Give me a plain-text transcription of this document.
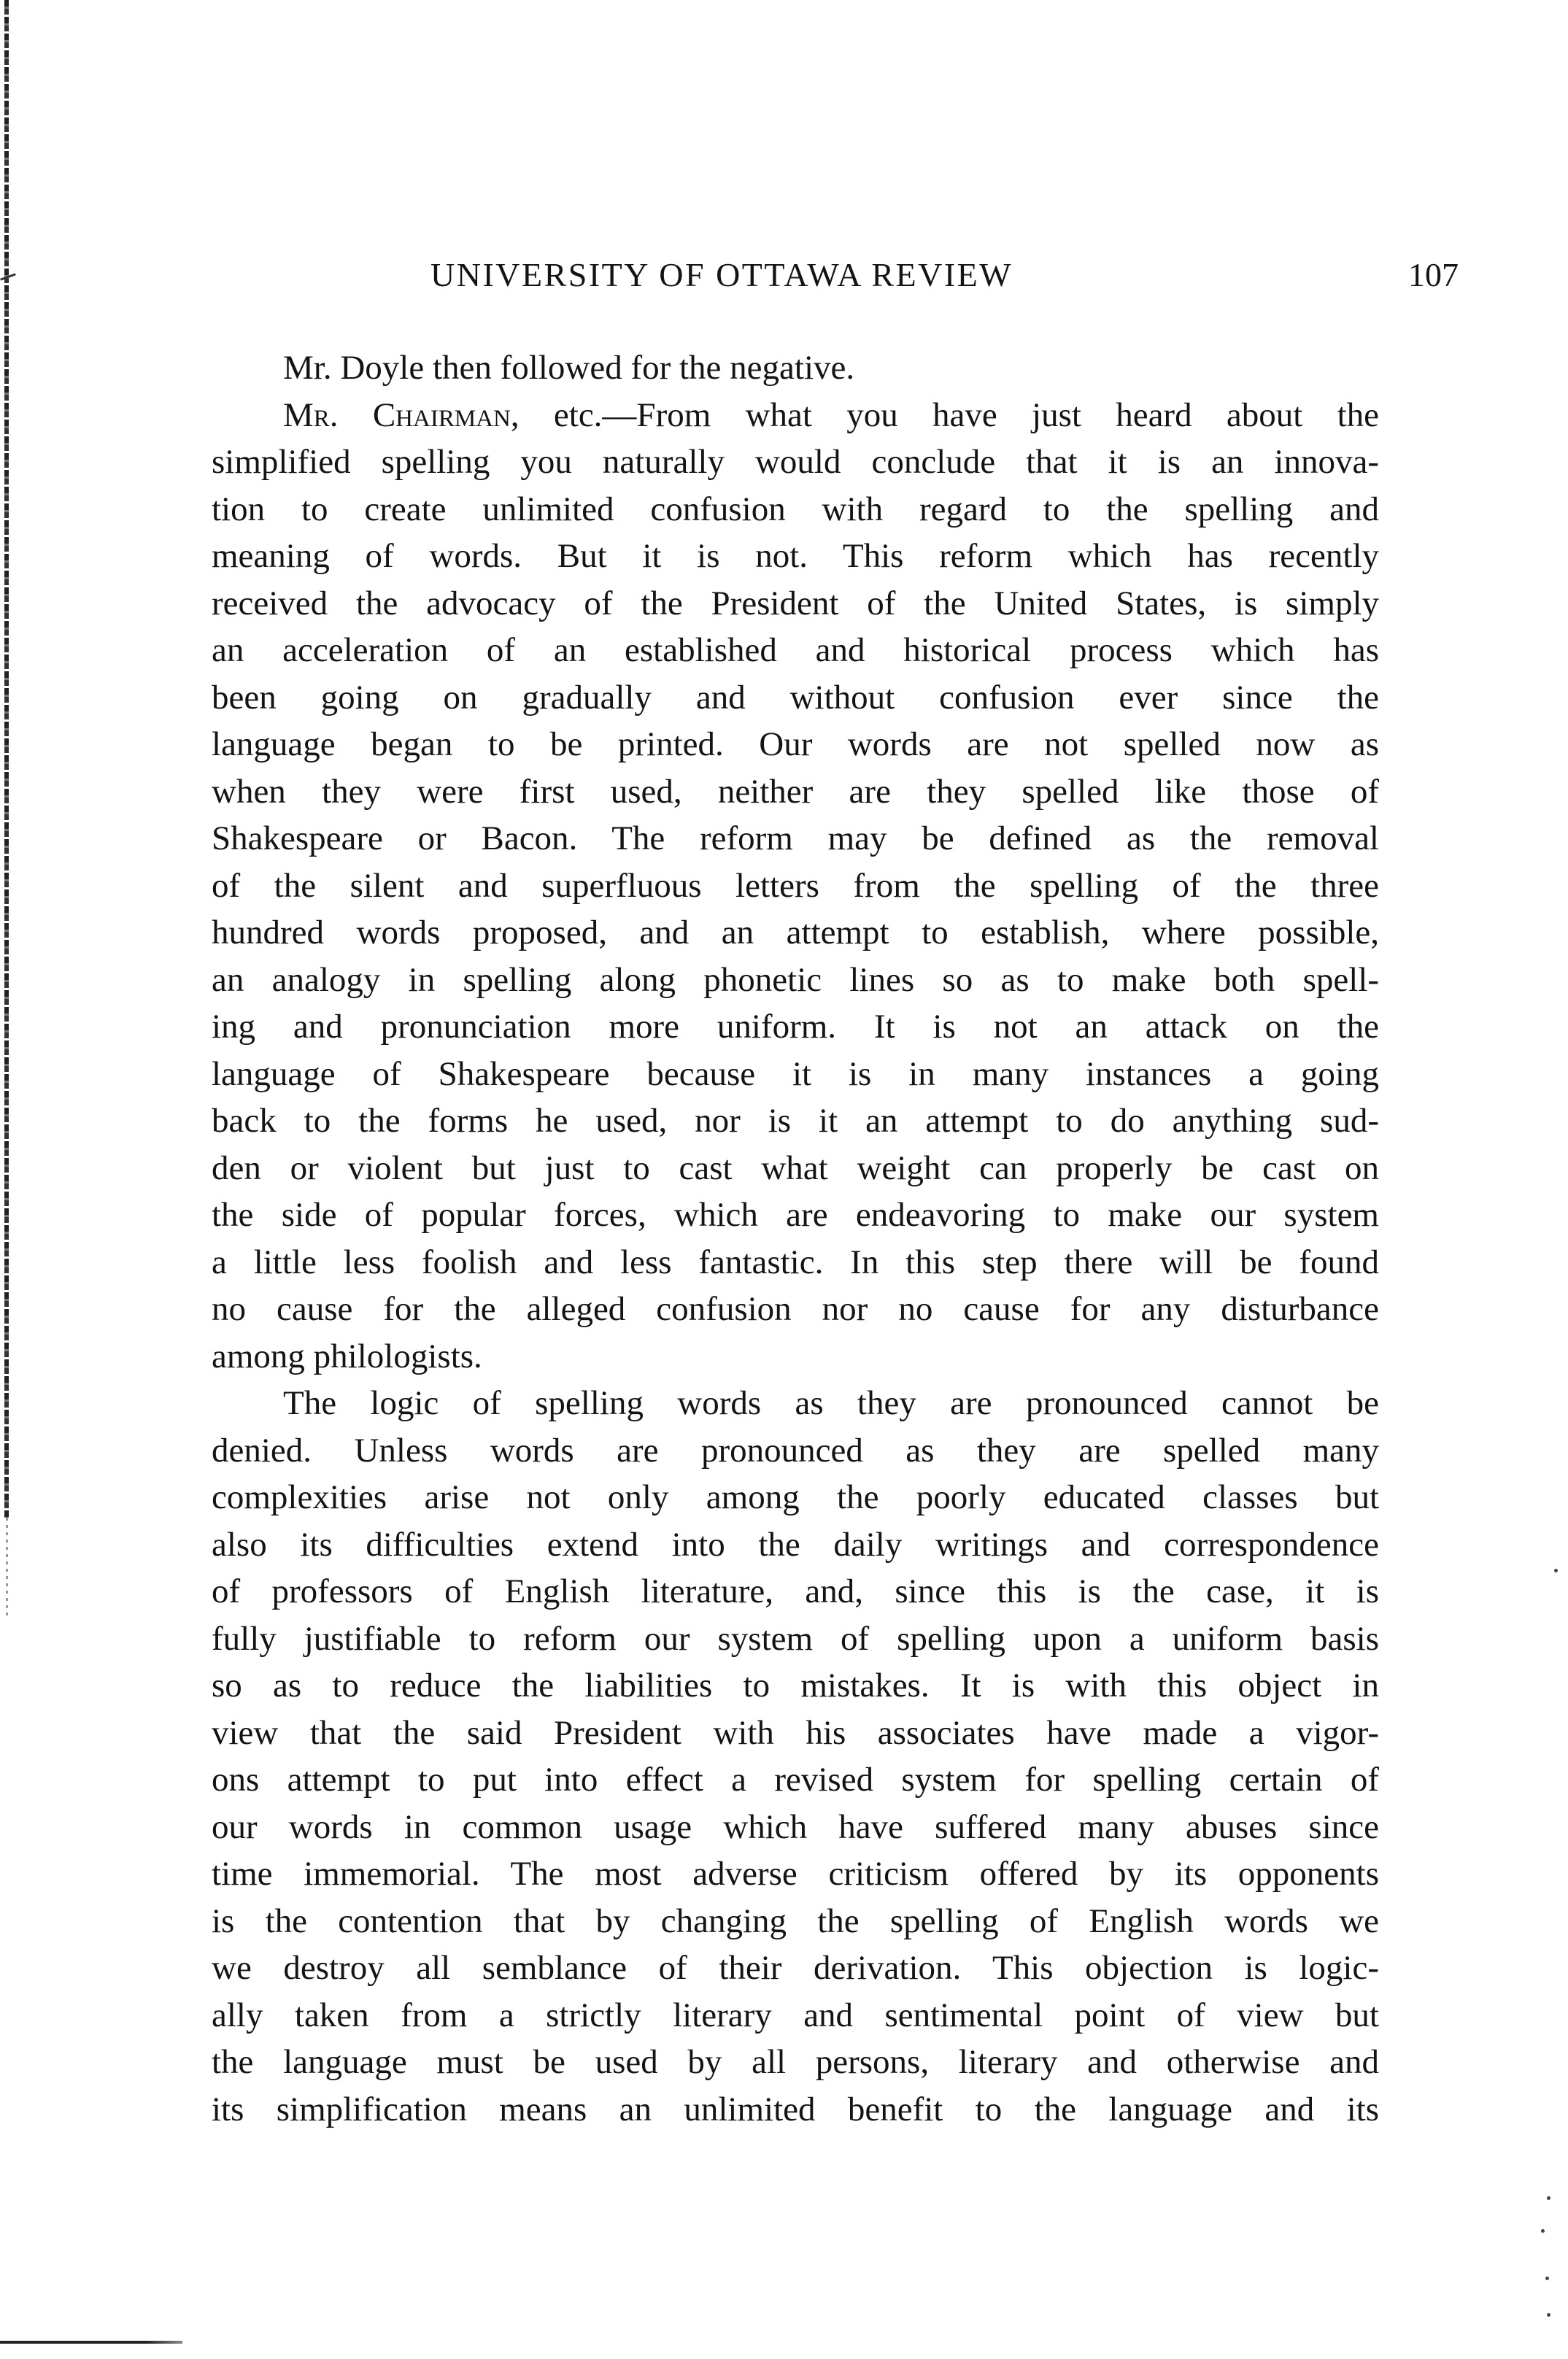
UNIVERSITY OF OTTAWA REVIEW	107
Mr. Doyle then followed for the negative.
Mr. Chairman, etc.—From what you have just heard about the
simplified spelling you naturally would conclude that it is an innova-
tion to create unlimited confusion with regard to the spelling and
meaning of words. But it is not. This reform which has recently
received the advocacy of the President of the United States, is simply
an acceleration of an established and historical process which has
been going on gradually and without confusion ever since the
language began to be printed. Our words are not spelled now as
when they were first used, neither are they spelled like those of
Shakespeare or Bacon. The reform may be defined as the removal
of the silent and superfluous letters from the spelling of the three
hundred words proposed, and an attempt to establish, where possible,
an analogy in spelling along phonetic lines so as to make both spell-
ing and pronunciation more uniform. It is not an attack on the
language of Shakespeare because it is in many instances a going
back to the forms he used, nor is it an attempt to do anything sud-
den or violent but just to cast what weight can properly be cast on
the side of popular forces, which are endeavoring to make our system
a little less foolish and less fantastic. In this step there will be found
no cause for the alleged confusion nor no cause for any disturbance
among philologists.
The logic of spelling words as they are pronounced cannot be
denied. Unless words are pronounced as they are spelled many
complexities arise not only among the poorly educated classes but
also its difficulties extend into the daily writings and correspondence
of professors of English literature, and, since this is the case, it is
fully justifiable to reform our system of spelling upon a uniform basis
so as to reduce the liabilities to mistakes. It is with this object in
view that the said President with his associates have made a vigor-
ons attempt to put into effect a revised system for spelling certain of
our words in common usage which have suffered many abuses since
time immemorial. The most adverse criticism offered by its opponents
is the contention that by changing the spelling of English words we
we destroy all semblance of their derivation. This objection is logic-
ally taken from a strictly literary and sentimental point of view but
the language must be used by all persons, literary and otherwise and
its simplification means an unlimited benefit to the language and its
